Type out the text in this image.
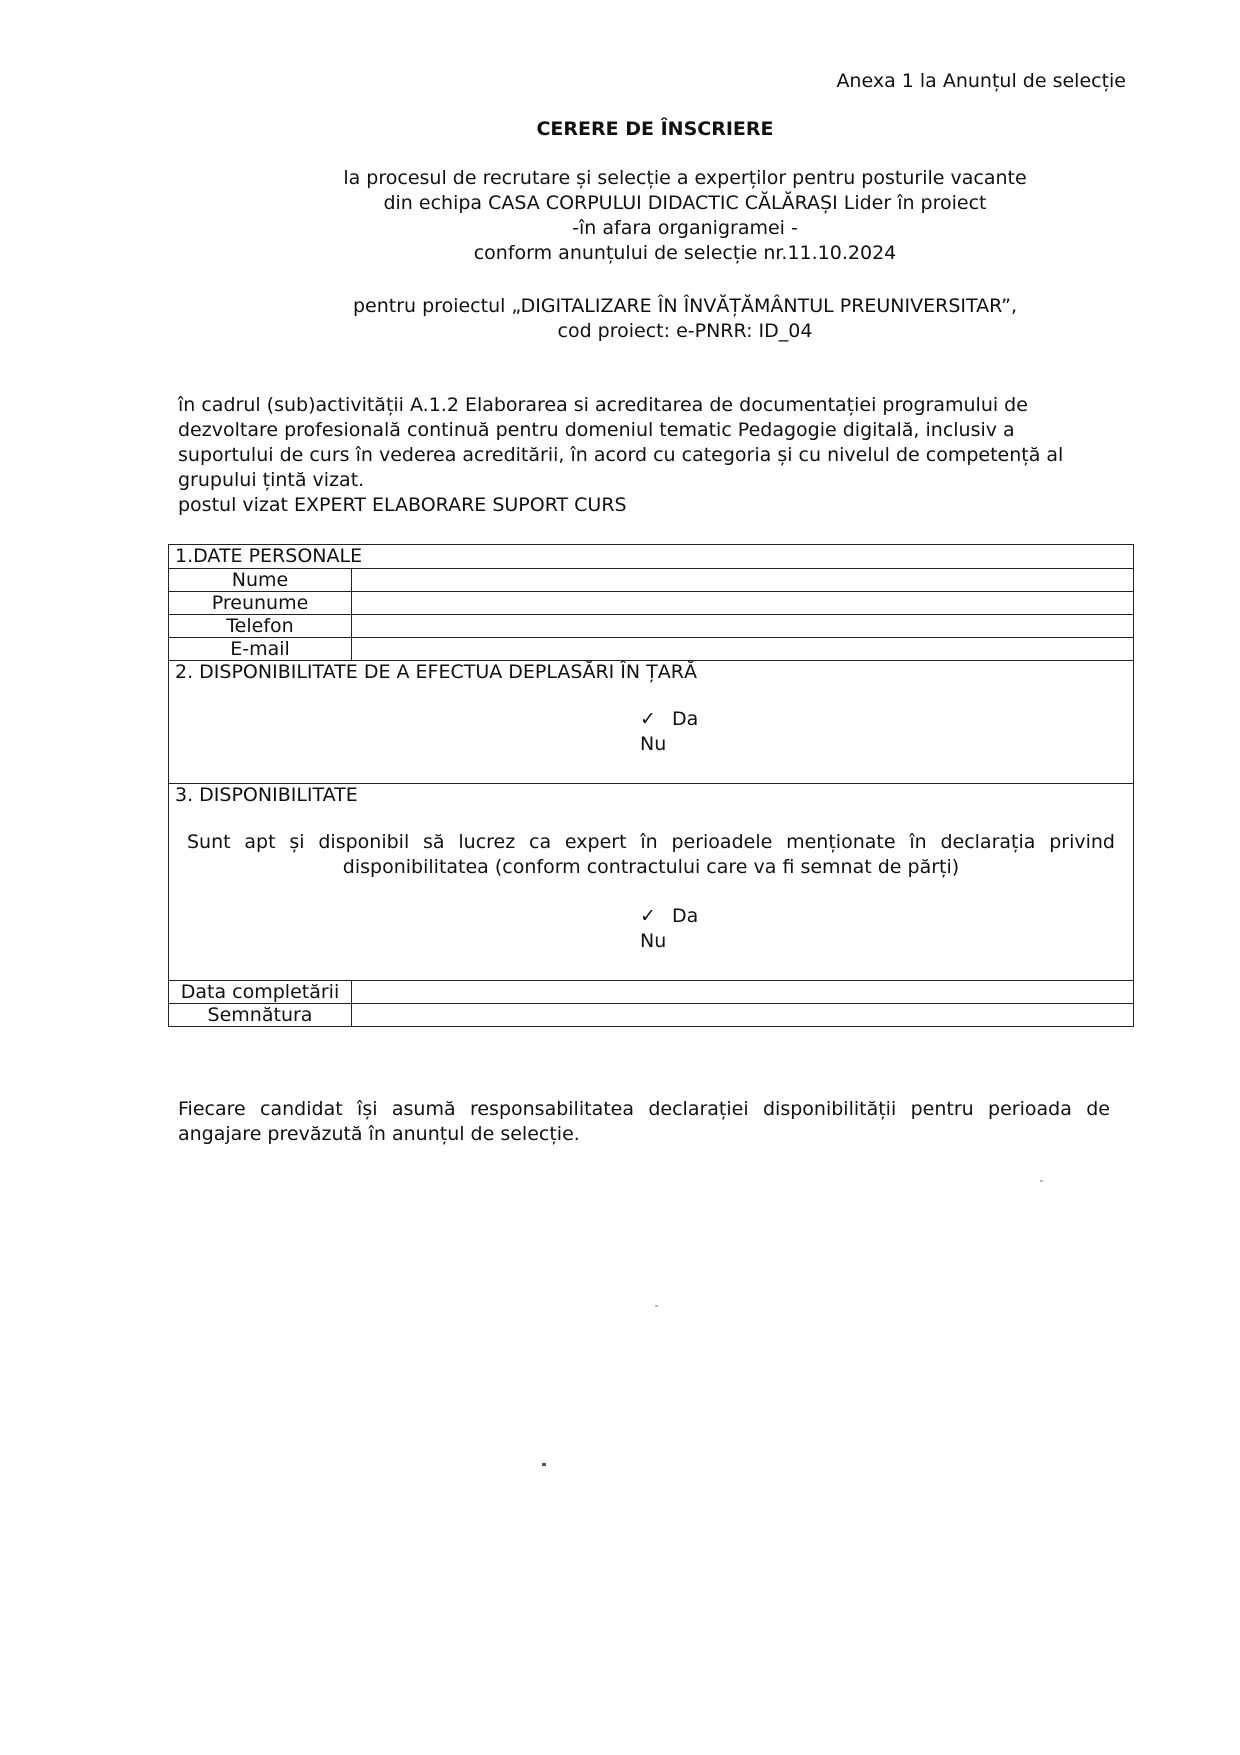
Anexa 1 la Anunțul de selecție
CERERE DE ÎNSCRIERE
la procesul de recrutare și selecție a experților pentru posturile vacante
din echipa CASA CORPULUI DIDACTIC CĂLĂRAȘI Lider în proiect
-în afara organigramei -
conform anunțului de selecție nr.11.10.2024
pentru proiectul „DIGITALIZARE ÎN ÎNVĂȚĂMÂNTUL PREUNIVERSITAR”,
cod proiect: e-PNRR: ID_04
în cadrul (sub)activității A.1.2 Elaborarea si acreditarea de documentației programului de
dezvoltare profesională continuă pentru domeniul tematic Pedagogie digitală, inclusiv a
suportului de curs în vederea acreditării, în acord cu categoria și cu nivelul de competență al
grupului țintă vizat.
postul vizat EXPERT ELABORARE SUPORT CURS
1.DATE PERSONALE	
Nume	
Preunume	
Telefon	
E-mail	

2. DISPONIBILITATE DE A EFECTUA DEPLASĂRI ÎN ȚARĂ
✓ Da
Nu	

3. DISPONIBILITATE
Sunt apt și disponibil să lucrez ca expert în perioadele menționate în declarația privind
disponibilitatea (conform contractului care va fi semnat de părți)
✓ Da
Nu	

Data completării	
Semnătura	
Fiecare candidat își asumă responsabilitatea declarației disponibilității pentru perioada de
angajare prevăzută în anunțul de selecție.
